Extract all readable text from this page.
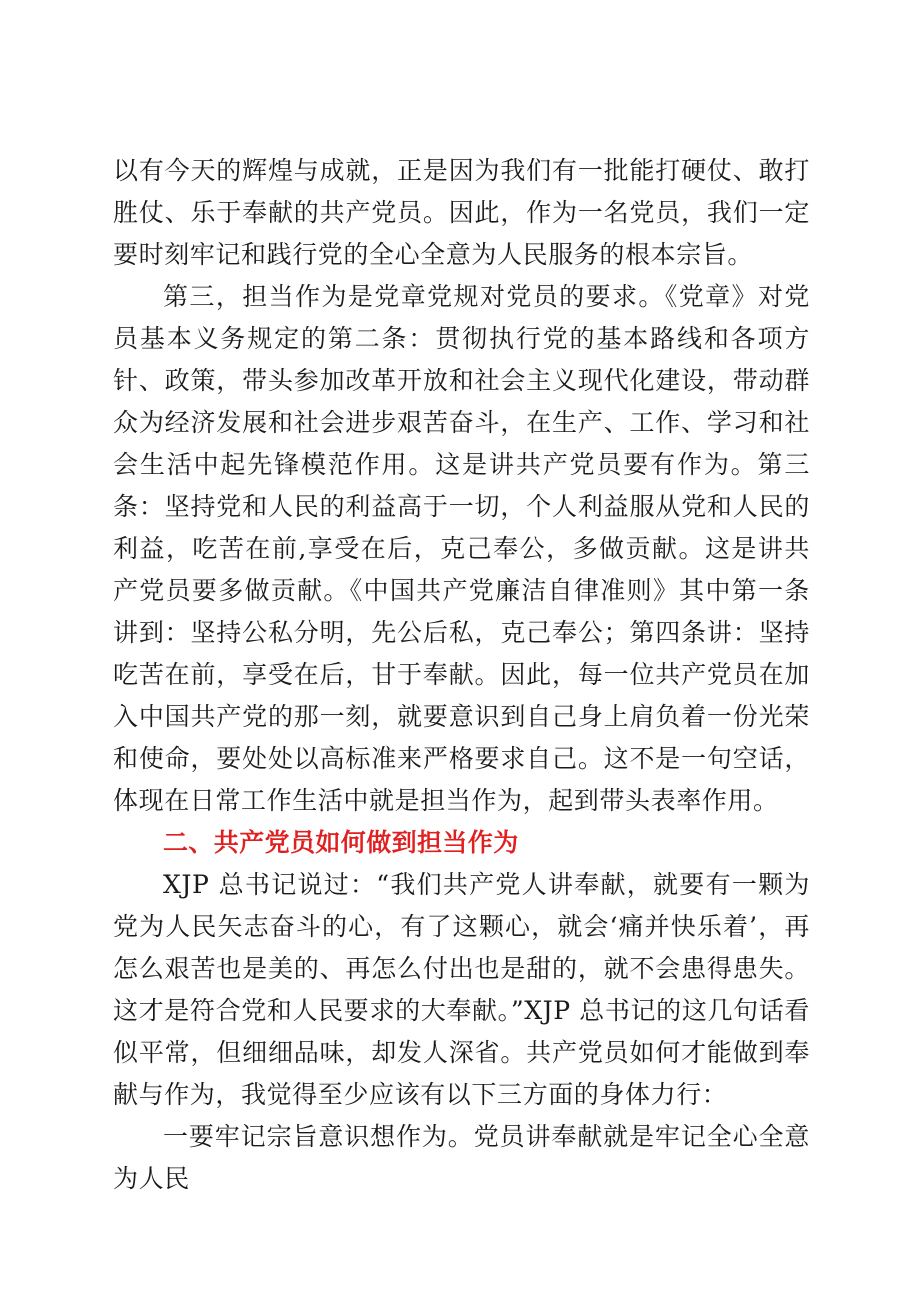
以有今天的辉煌与成就，正是因为我们有一批能打硬仗、敢打胜仗、乐于奉献的共产党员。因此，作为一名党员，我们一定要时刻牢记和践行党的全心全意为人民服务的根本宗旨。

第三，担当作为是党章党规对党员的要求。《党章》对党员基本义务规定的第二条：贯彻执行党的基本路线和各项方针、政策，带头参加改革开放和社会主义现代化建设，带动群众为经济发展和社会进步艰苦奋斗，在生产、工作、学习和社会生活中起先锋模范作用。这是讲共产党员要有作为。第三条：坚持党和人民的利益高于一切，个人利益服从党和人民的利益，吃苦在前,享受在后，克己奉公，多做贡献。这是讲共产党员要多做贡献。《中国共产党廉洁自律准则》其中第一条讲到：坚持公私分明，先公后私，克己奉公；第四条讲：坚持吃苦在前，享受在后，甘于奉献。因此，每一位共产党员在加入中国共产党的那一刻，就要意识到自己身上肩负着一份光荣和使命，要处处以高标准来严格要求自己。这不是一句空话，体现在日常工作生活中就是担当作为，起到带头表率作用。

二、共产党员如何做到担当作为

XJP 总书记说过：“我们共产党人讲奉献，就要有一颗为党为人民矢志奋斗的心，有了这颗心，就会‘痛并快乐着’，再怎么艰苦也是美的、再怎么付出也是甜的，就不会患得患失。这才是符合党和人民要求的大奉献。”XJP 总书记的这几句话看似平常，但细细品味，却发人深省。共产党员如何才能做到奉献与作为，我觉得至少应该有以下三方面的身体力行：

一要牢记宗旨意识想作为。党员讲奉献就是牢记全心全意为人民
